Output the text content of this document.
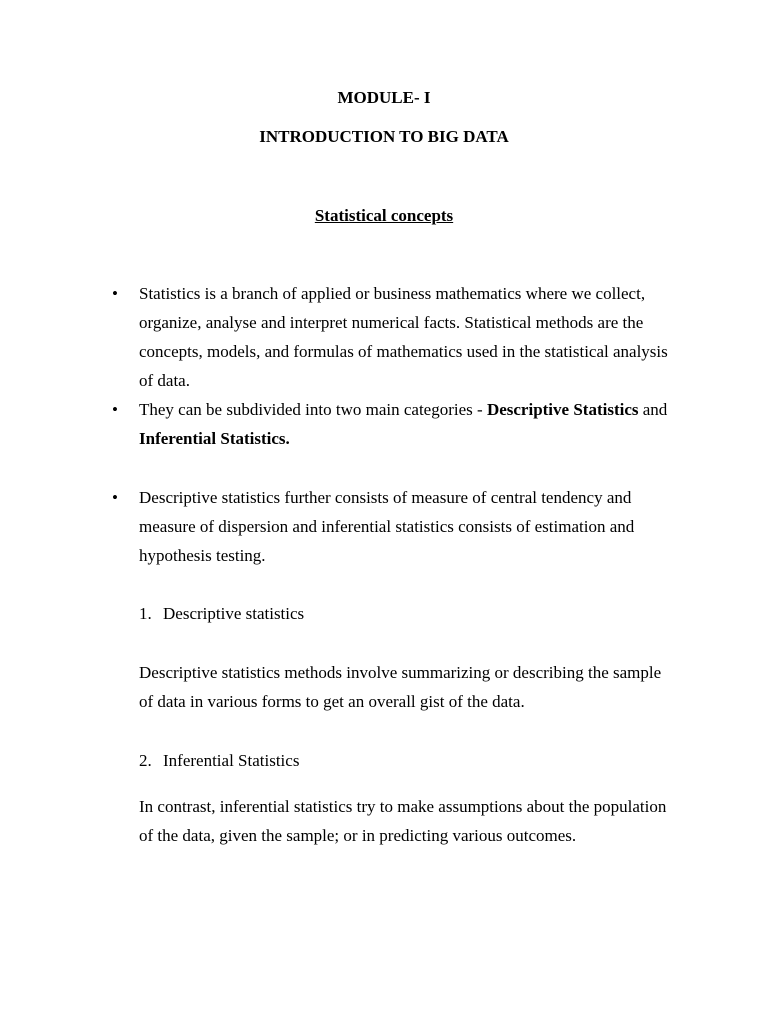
MODULE- I
INTRODUCTION TO BIG DATA
Statistical concepts
•	Statistics is a branch of applied or business mathematics where we collect, organize, analyse and interpret numerical facts. Statistical methods are the concepts, models, and formulas of mathematics used in the statistical analysis of data.
•	They can be subdivided into two main categories - Descriptive Statistics and Inferential Statistics.
•	Descriptive statistics further consists of measure of central tendency and measure of dispersion and inferential statistics consists of estimation and hypothesis testing.
1. Descriptive statistics
Descriptive statistics methods involve summarizing or describing the sample of data in various forms to get an overall gist of the data.
2. Inferential Statistics
In contrast, inferential statistics try to make assumptions about the population of the data, given the sample; or in predicting various outcomes.
